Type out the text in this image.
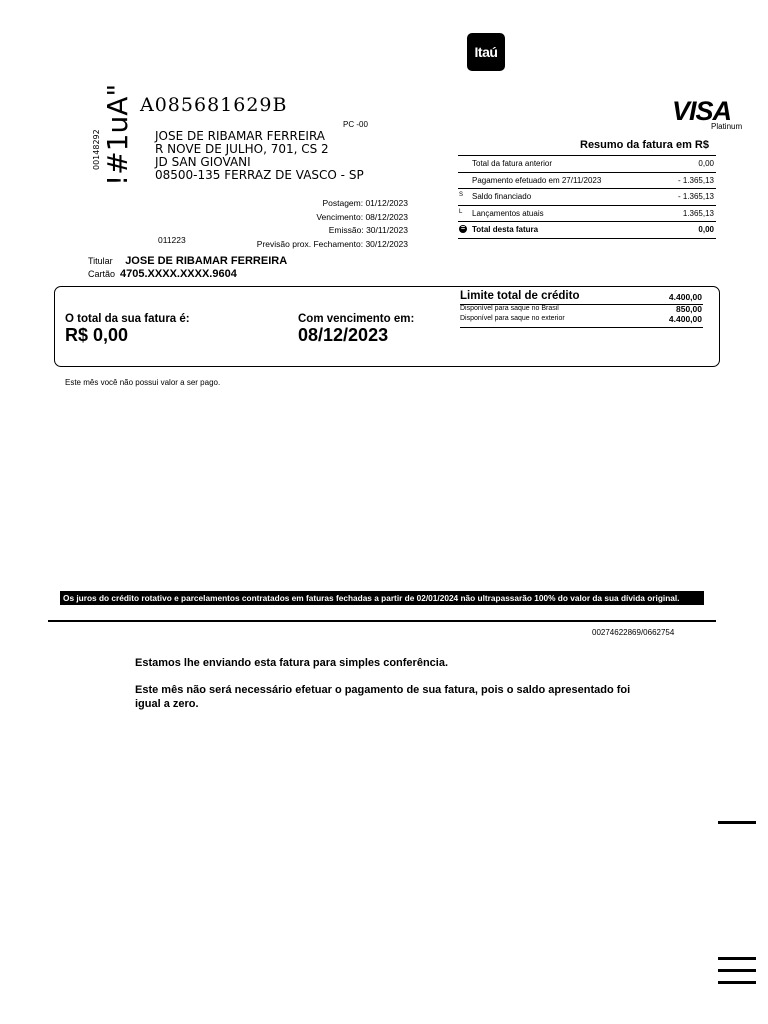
Itaú
A085681629B	VISA
Platinum
PC -00
00148292 !#1uA" JOSE DE RIBAMAR FERREIRA
R NOVE DE JULHO, 701, CS 2
JD SAN GIOVANI
08500-135 FERRAZ DE VASCO - SP
Postagem: 01/12/2023
Vencimento: 08/12/2023
Emissão: 30/11/2023
Previsão prox. Fechamento: 30/12/2023
011223
Resumo da fatura em R$
Total da fatura anterior	0,00
Pagamento efetuado em 27/11/2023	- 1.365,13
S Saldo financiado	- 1.365,13
L Lançamentos atuais	1.365,13
= Total desta fatura	0,00
Titular JOSE DE RIBAMAR FERREIRA
Cartão 4705.XXXX.XXXX.9604
O total da sua fatura é:
R$ 0,00
Com vencimento em:
08/12/2023
Limite total de crédito	4.400,00
Disponível para saque no Brasil	850,00
Disponível para saque no exterior	4.400,00
Este mês você não possui valor a ser pago.
Os juros do crédito rotativo e parcelamentos contratados em faturas fechadas a partir de 02/01/2024 não ultrapassarão 100% do valor da sua dívida original.
00274622869/0662754
Estamos lhe enviando esta fatura para simples conferência.
Este mês não será necessário efetuar o pagamento de sua fatura, pois o saldo apresentado foi igual a zero.
